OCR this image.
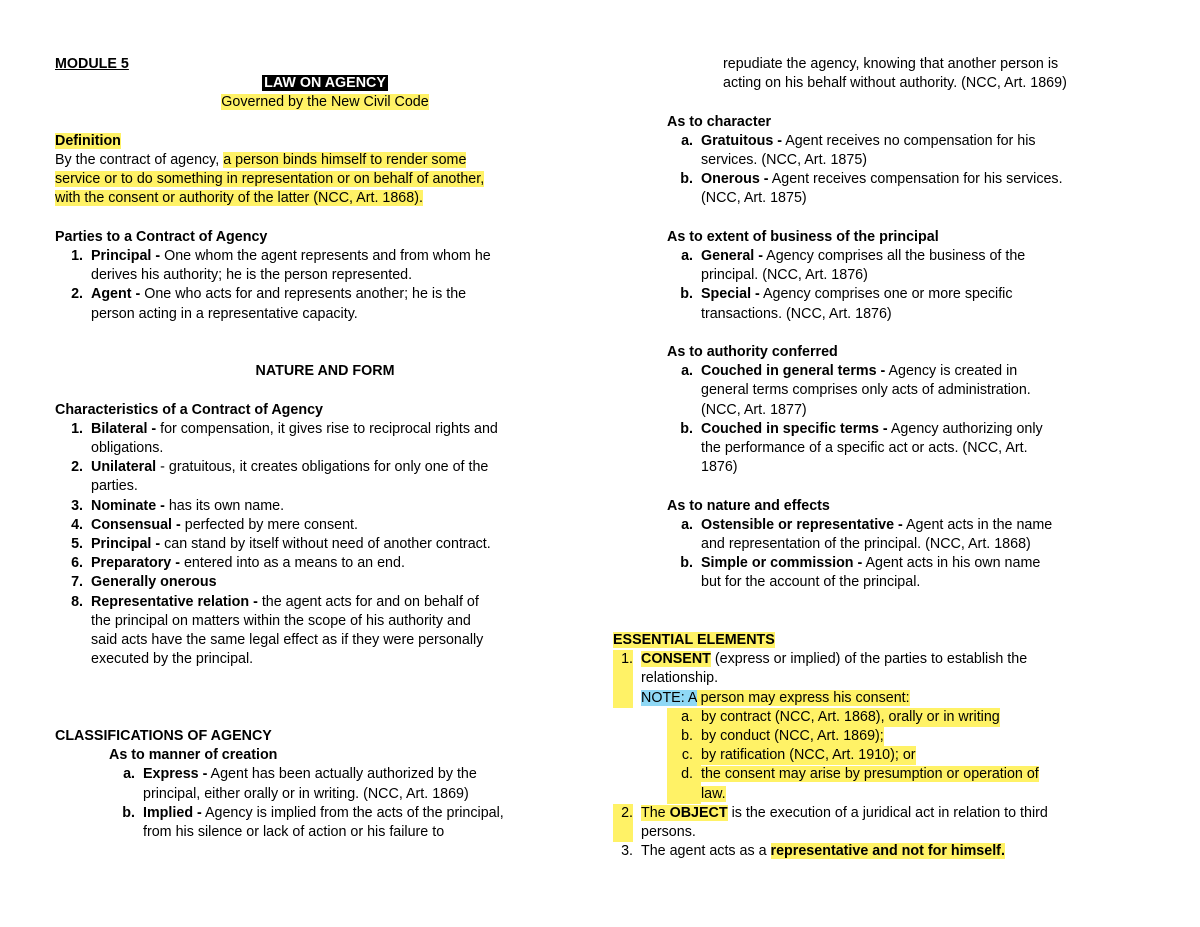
MODULE 5
LAW ON AGENCY
Governed by the New Civil Code
Definition
By the contract of agency, a person binds himself to render some
service or to do something in representation or on behalf of another,
with the consent or authority of the latter (NCC, Art. 1868).
Parties to a Contract of Agency
1. Principal - One whom the agent represents and from whom he
derives his authority; he is the person represented.
2. Agent - One who acts for and represents another; he is the
person acting in a representative capacity.
NATURE AND FORM
Characteristics of a Contract of Agency
1. Bilateral - for compensation, it gives rise to reciprocal rights and
obligations.
2. Unilateral - gratuitous, it creates obligations for only one of the
parties.
3. Nominate - has its own name.
4. Consensual - perfected by mere consent.
5. Principal - can stand by itself without need of another contract.
6. Preparatory - entered into as a means to an end.
7. Generally onerous
8. Representative relation - the agent acts for and on behalf of
the principal on matters within the scope of his authority and
said acts have the same legal effect as if they were personally
executed by the principal.
CLASSIFICATIONS OF AGENCY
As to manner of creation
a. Express - Agent has been actually authorized by the
principal, either orally or in writing. (NCC, Art. 1869)
b. Implied - Agency is implied from the acts of the principal,
from his silence or lack of action or his failure to
repudiate the agency, knowing that another person is
acting on his behalf without authority. (NCC, Art. 1869)
As to character
a. Gratuitous - Agent receives no compensation for his
services. (NCC, Art. 1875)
b. Onerous - Agent receives compensation for his services.
(NCC, Art. 1875)
As to extent of business of the principal
a. General - Agency comprises all the business of the
principal. (NCC, Art. 1876)
b. Special - Agency comprises one or more specific
transactions. (NCC, Art. 1876)
As to authority conferred
a. Couched in general terms - Agency is created in
general terms comprises only acts of administration.
(NCC, Art. 1877)
b. Couched in specific terms - Agency authorizing only
the performance of a specific act or acts. (NCC, Art.
1876)
As to nature and effects
a. Ostensible or representative - Agent acts in the name
and representation of the principal. (NCC, Art. 1868)
b. Simple or commission - Agent acts in his own name
but for the account of the principal.
ESSENTIAL ELEMENTS
1. CONSENT (express or implied) of the parties to establish the
relationship.
NOTE: A person may express his consent:
a. by contract (NCC, Art. 1868), orally or in writing
b. by conduct (NCC, Art. 1869);
c. by ratification (NCC, Art. 1910); or
d. the consent may arise by presumption or operation of
law.
2. The OBJECT is the execution of a juridical act in relation to third
persons.
3. The agent acts as a representative and not for himself.
